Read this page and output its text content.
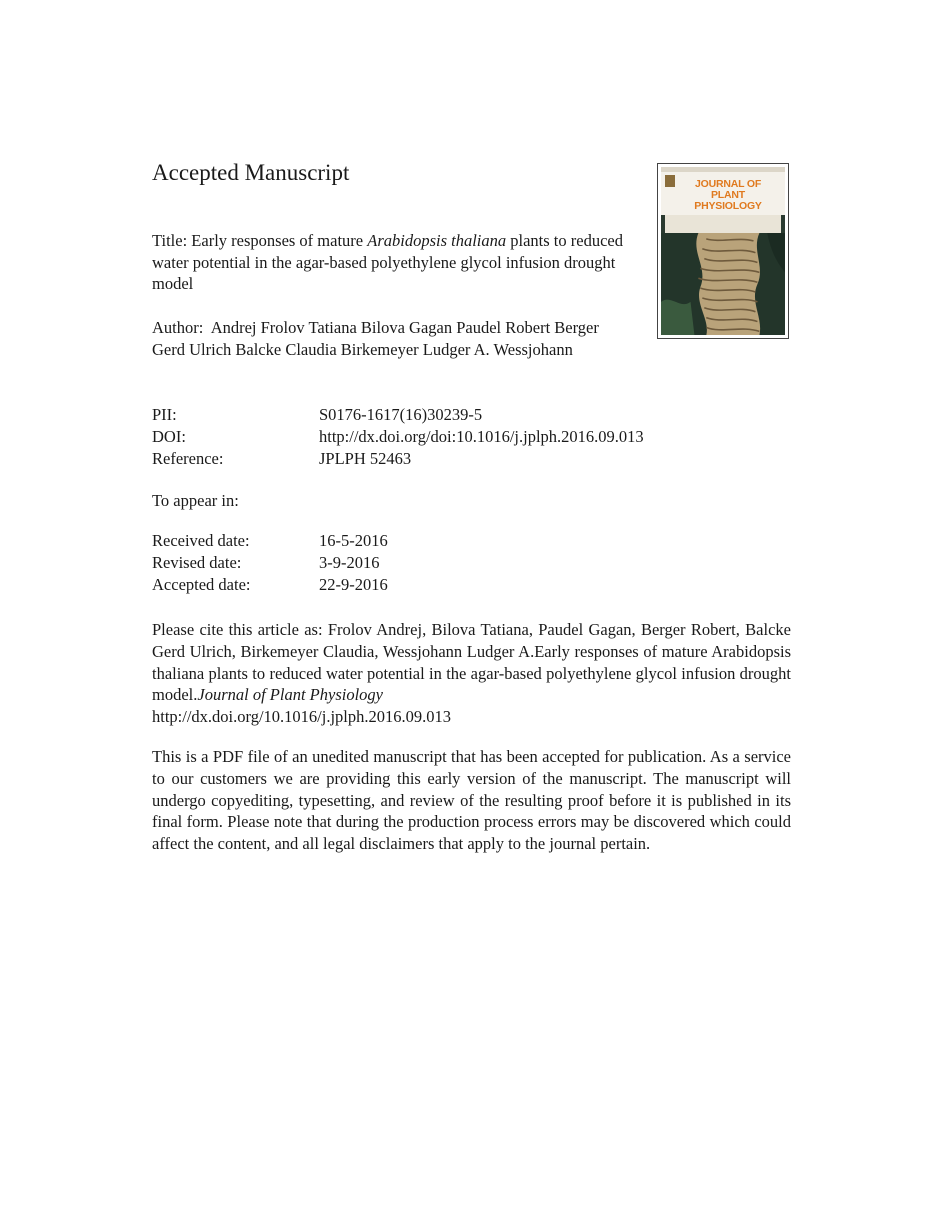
Accepted Manuscript
Title: Early responses of mature Arabidopsis thaliana plants to reduced water potential in the agar-based polyethylene glycol infusion drought model
Author: Andrej Frolov Tatiana Bilova Gagan Paudel Robert Berger Gerd Ulrich Balcke Claudia Birkemeyer Ludger A. Wessjohann
PII:	S0176-1617(16)30239-5
DOI:	http://dx.doi.org/doi:10.1016/j.jplph.2016.09.013
Reference:	JPLPH 52463
To appear in:
Received date:	16-5-2016
Revised date:	3-9-2016
Accepted date:	22-9-2016
Please cite this article as: Frolov Andrej, Bilova Tatiana, Paudel Gagan, Berger Robert, Balcke Gerd Ulrich, Birkemeyer Claudia, Wessjohann Ludger A.Early responses of mature Arabidopsis thaliana plants to reduced water potential in the agar-based polyethylene glycol infusion drought model.Journal of Plant Physiology
http://dx.doi.org/10.1016/j.jplph.2016.09.013
This is a PDF file of an unedited manuscript that has been accepted for publication. As a service to our customers we are providing this early version of the manuscript. The manuscript will undergo copyediting, typesetting, and review of the resulting proof before it is published in its final form. Please note that during the production process errors may be discovered which could affect the content, and all legal disclaimers that apply to the journal pertain.
JOURNAL OF PLANT PHYSIOLOGY
